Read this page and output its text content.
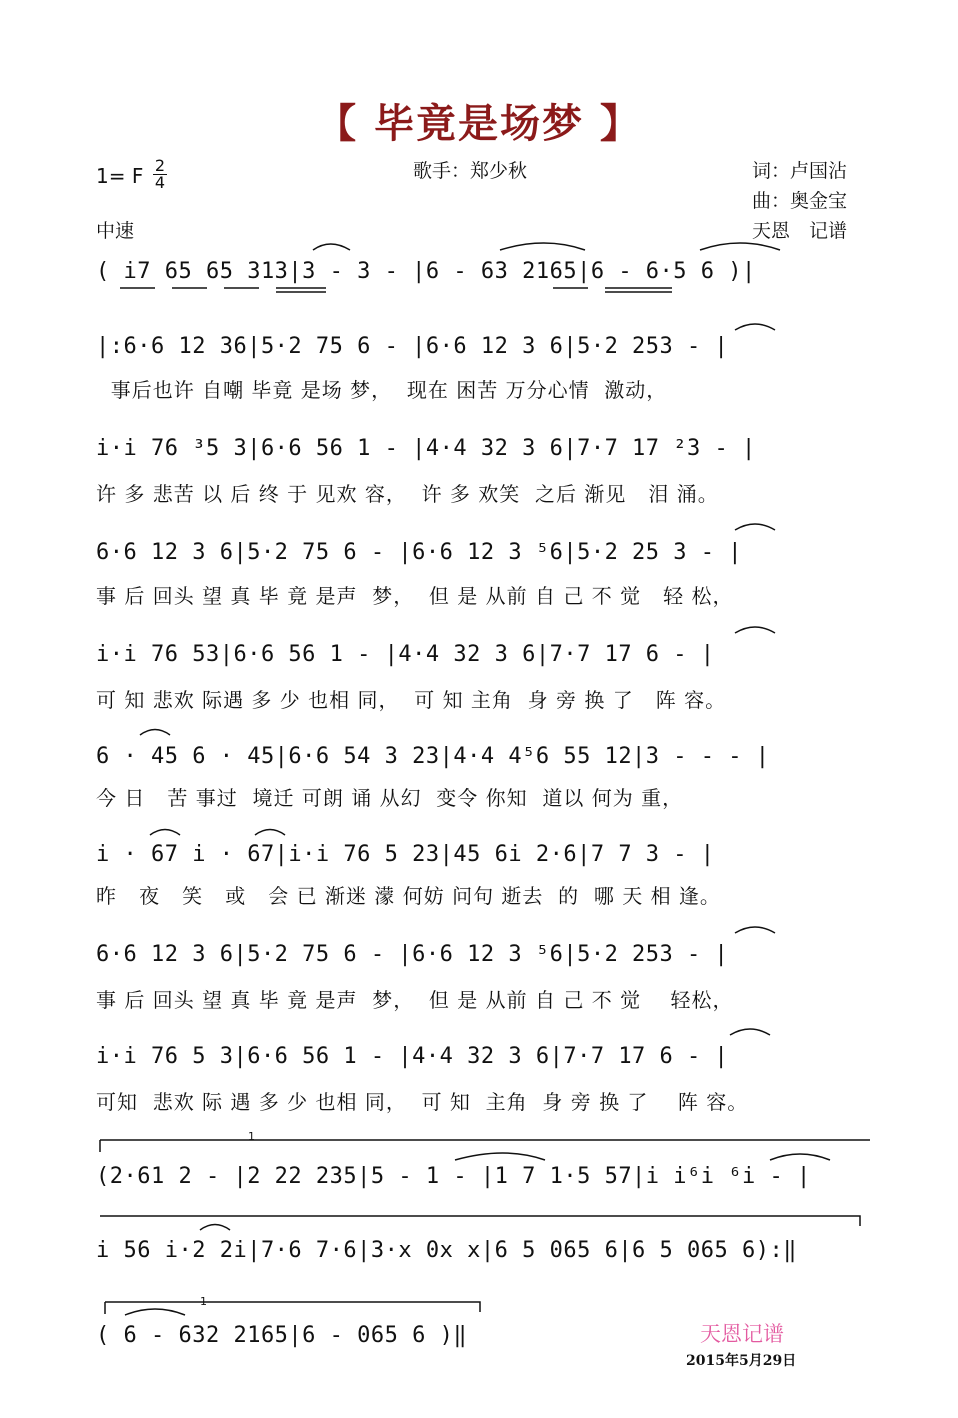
【 毕竟是场梦 】
歌手：郑少秋	词：卢国沾
曲：奥金宝
天恩　记谱
1= F 2
4
中速
( i7 65 65 313|3 - 3 - |6 - 63 2165|6 - 6·5 6 )|
|:6·6 12 36|5·2 75 6 - |6·6 12 3 6|5·2 253 - |
事后也许 自嘲 毕竟 是场 梦，  现在 困苦 万分心情  激动，
i·i 76 ³5 3|6·6 56 1 - |4·4 32 3 6|7·7 17 ²3 - |
许 多 悲苦 以 后 终 于 见欢 容，  许 多 欢笑  之后 渐见   泪 涌。
6·6 12 3 6|5·2 75 6 - |6·6 12 3 ⁵6|5·2 25 3 - |
事 后 回头 望 真 毕 竟 是声  梦，  但 是 从前 自 己 不 觉   轻 松，
i·i 76 53|6·6 56 1 - |4·4 32 3 6|7·7 17 6 - |
可 知 悲欢 际遇 多 少 也相 同，  可 知 主角  身 旁 换 了   阵 容。
6 · 45 6 · 45|6·6 54 3 23|4·4 4⁵6 55 12|3 - - - |
今 日   苦 事过  境迁 可朗 诵 从幻  变令 你知  道以 何为 重，
i · 67 i · 67|i·i 76 5 23|45 6i 2·6|7 7 3 - |
昨   夜   笑   或   会 已 渐迷 濛 何妨 问句 逝去  的  哪 天 相 逢。
6·6 12 3 6|5·2 75 6 - |6·6 12 3 ⁵6|5·2 253 - |
事 后 回头 望 真 毕 竟 是声  梦，  但 是 从前 自 己 不 觉    轻松，
i·i 76 5 3|6·6 56 1 - |4·4 32 3 6|7·7 17 6 - |
可知  悲欢 际 遇 多 少 也相 同，  可 知  主角  身 旁 换 了    阵 容。
(2·61 2 - |2 22 235|5 - 1 - |1 7 1·5 57|i i⁶i ⁶i - |
i 56 i·2 2i|7·6 7·6|3·x 0x x|6 5 065 6|6 5 065 6):‖
( 6 - 632 2165|6 - 065 6 )‖
1
1
天恩记谱
2015年5月29日
